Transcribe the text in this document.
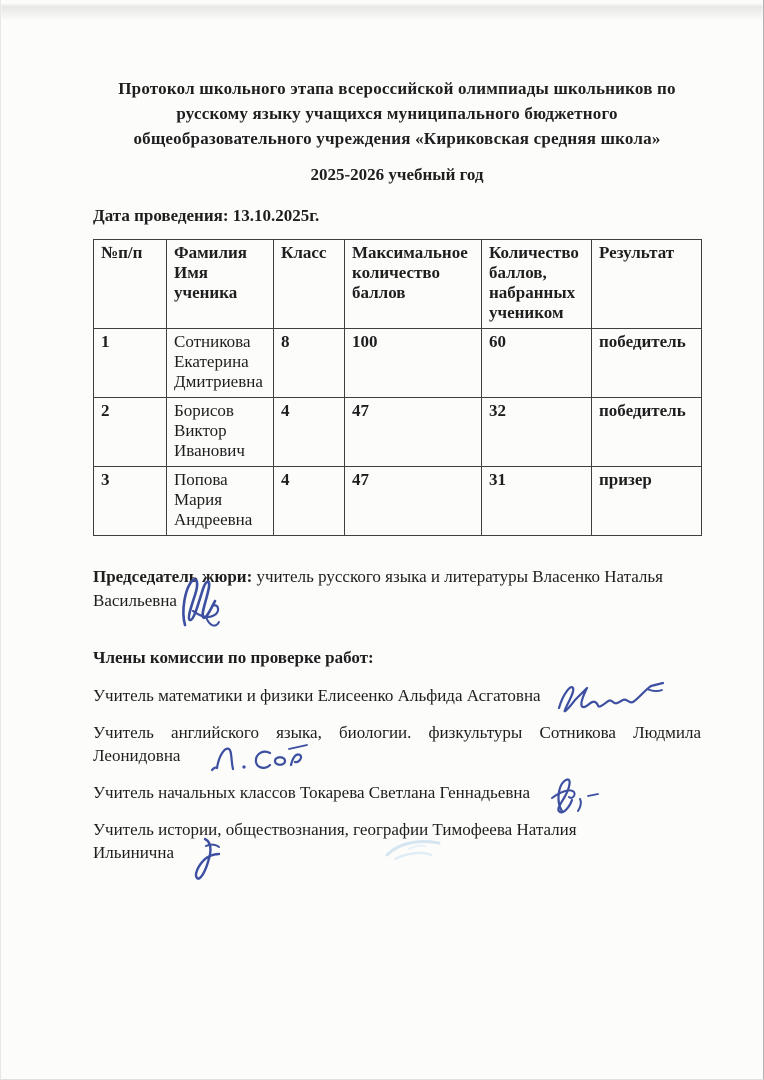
Протокол школьного этапа всероссийской олимпиады школьников по
русскому языку учащихся муниципального бюджетного
общеобразовательного учреждения «Кириковская средняя школа»
2025-2026 учебный год
Дата проведения: 13.10.2025г.
№п/п	Фамилия Имя ученика	Класс	Максимальное количество баллов	Количество баллов, набранных учеником	Результат
1	Сотникова Екатерина Дмитриевна	8	100	60	победитель
2	Борисов Виктор Иванович	4	47	32	победитель
3	Попова Мария Андреевна	4	47	31	призер
Председатель жюри: учитель русского языка и литературы Власенко Наталья
Васильевна
Члены комиссии по проверке работ:
Учитель математики и физики Елисеенко Альфида Асгатовна
Учитель английского языка, биологии. физкультуры Сотникова Людмила
Леонидовна
Учитель начальных классов Токарева Светлана Геннадьевна
Учитель истории, обществознания, географии Тимофеева Наталия
Ильинична
